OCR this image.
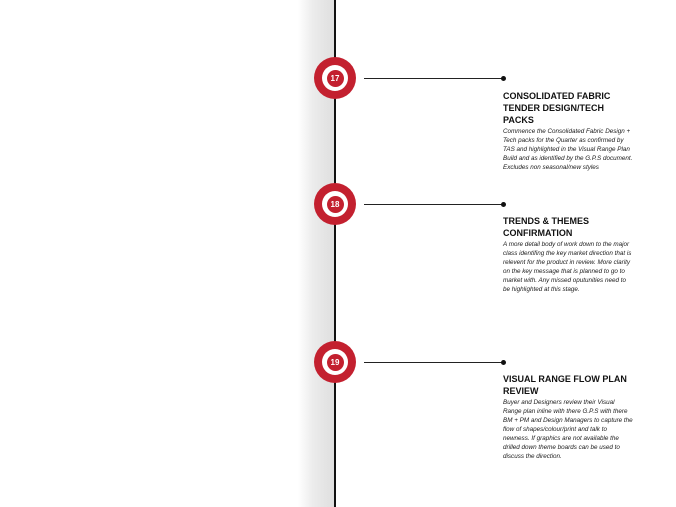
17

CONSOLIDATED FABRIC TENDER DESIGN/TECH PACKS

Commence the Consolidated Fabric Design + Tech packs for the Quarter as confirmed by TAS and highlighted in the Visual Range Plan Build and as identified by the G.P.S document. Excludes non seasonal/new styles

18

TRENDS & THEMES CONFIRMATION

A more detail body of work down to the major class identifing the key market direction that is relevent for the product in review. More clarity on the key message that is planned to go to market with. Any missed oputunities need to be highlighted at this stage.

19

VISUAL RANGE FLOW PLAN REVIEW

Buyer and Designers review their Visual Range plan inline with there G.P.S with there BM + PM and Design Managers to capture the flow of shapes/colour/print and talk to newness. If graphics are not available the drilled down theme boards can be used to discuss the direction.
